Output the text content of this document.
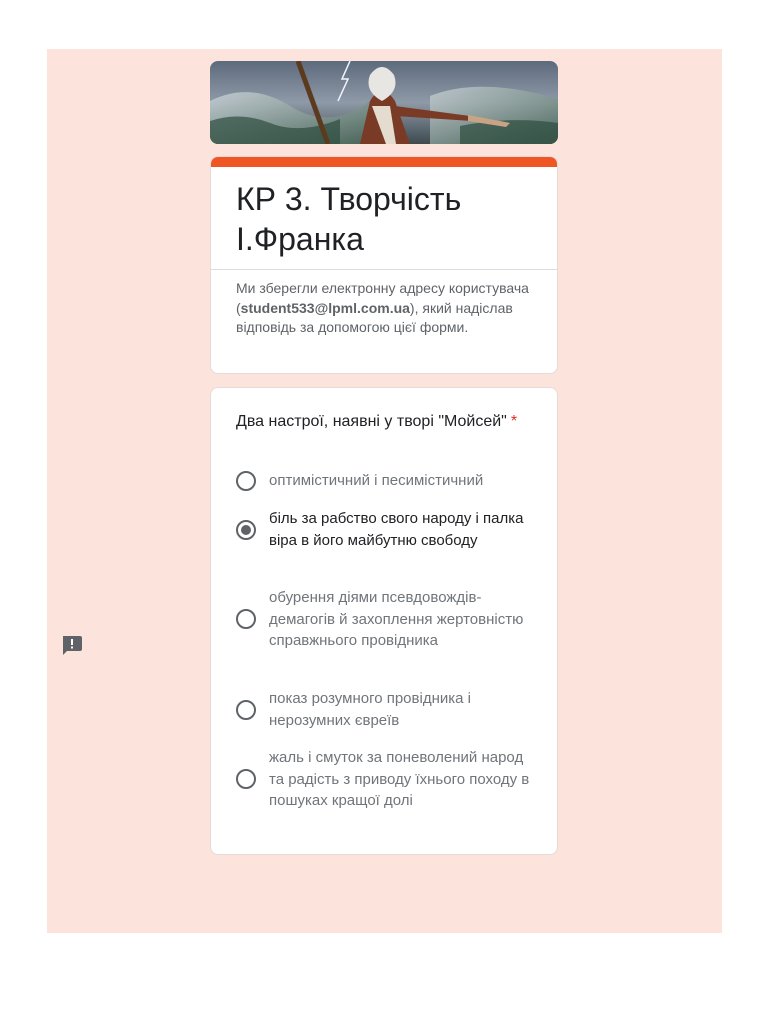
КР 3. Творчість І.Франка
Ми зберегли електронну адресу користувача (student533@lpml.com.ua), який надіслав відповідь за допомогою цієї форми.
Два настрої, наявні у творі "Мойсей" *
оптимістичний і песимістичний
біль за рабство свого народу і палка віра в його майбутню свободу
обурення діями псевдовождів-демагогів й захоплення жертовністю справжнього провідника
показ розумного провідника і нерозумних євреїв
жаль і смуток за поневолений народ та радість з приводу їхнього походу в пошуках кращої долі
